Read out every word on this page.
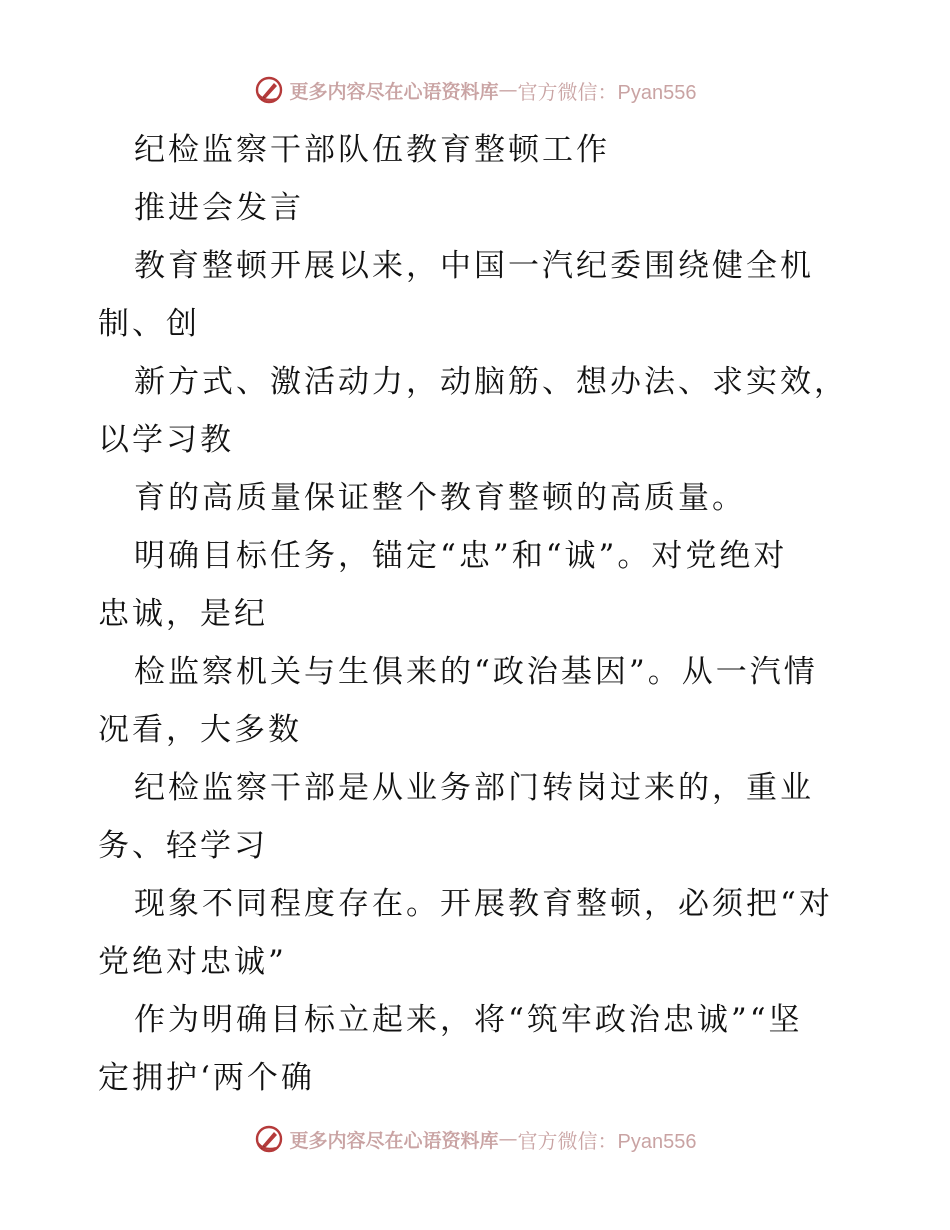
更多内容尽在心语资料库 — 官方微信：Pyan556
纪检监察干部队伍教育整顿工作
推进会发言
教育整顿开展以来，中国一汽纪委围绕健全机
制、创
新方式、激活动力，动脑筋、想办法、求实效，
以学习教
育的高质量保证整个教育整顿的高质量。
明确目标任务，锚定“忠”和“诚”。对党绝对
忠诚，是纪
检监察机关与生俱来的“政治基因”。从一汽情
况看，大多数
纪检监察干部是从业务部门转岗过来的，重业
务、轻学习
现象不同程度存在。开展教育整顿，必须把“对
党绝对忠诚”
作为明确目标立起来，将“筑牢政治忠诚”“坚
定拥护‘两个确
更多内容尽在心语资料库 — 官方微信：Pyan556
